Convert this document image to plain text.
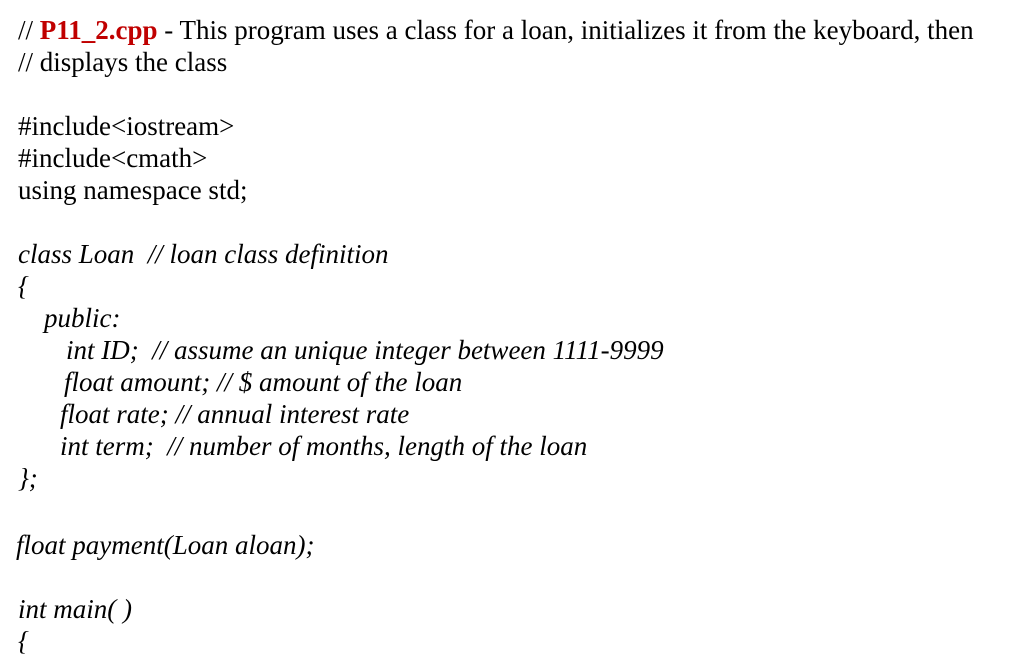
// P11_2.cpp - This program uses a class for a loan, initializes it from the keyboard, then
// displays the class
#include<iostream>
#include<cmath>
using namespace std;
class Loan  // loan class definition
{
public:
int ID;  // assume an unique integer between 1111-9999
float amount; // $ amount of the loan
float rate; // annual interest rate
int term;  // number of months, length of the loan
};
float payment(Loan aloan);
int main( )
{
